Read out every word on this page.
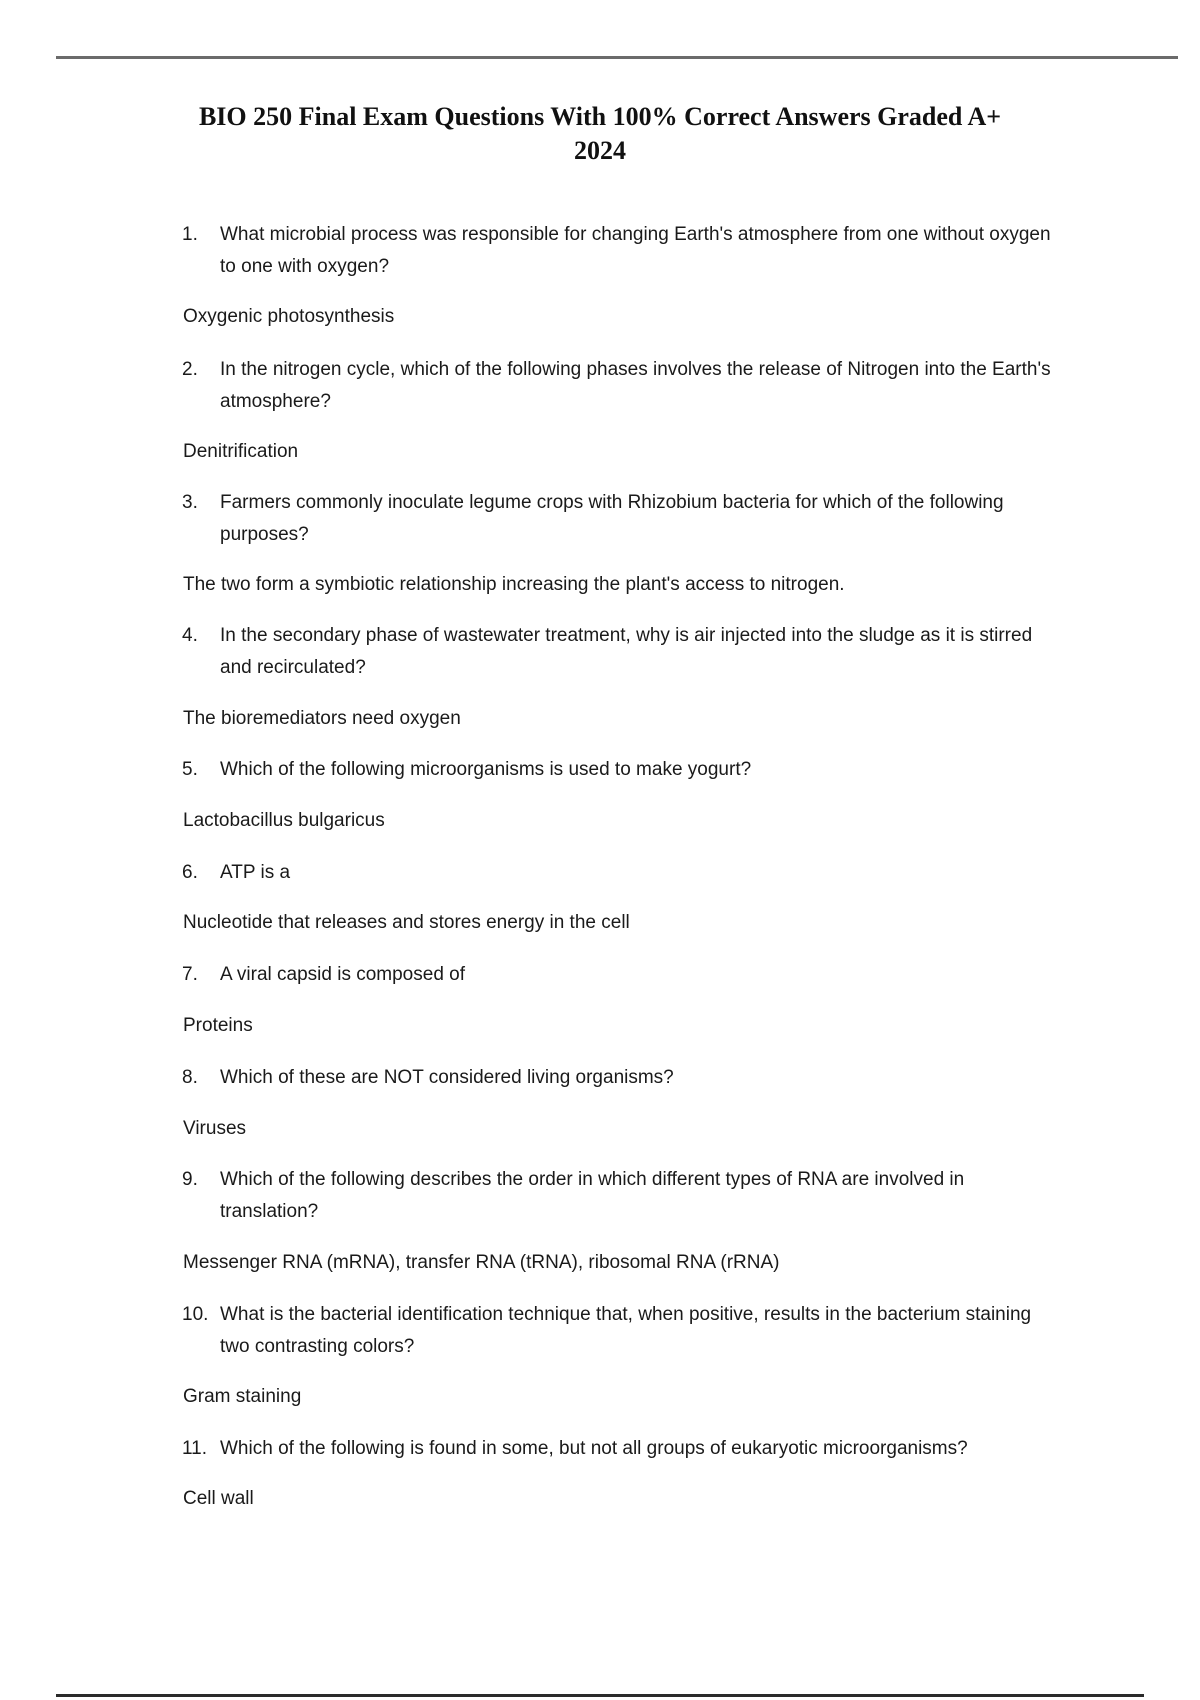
BIO 250 Final Exam Questions With 100% Correct Answers Graded A+
2024
1.	What microbial process was responsible for changing Earth's atmosphere from one without oxygen to one with oxygen?
Oxygenic photosynthesis
2.	In the nitrogen cycle, which of the following phases involves the release of Nitrogen into the Earth's atmosphere?
Denitrification
3.	Farmers commonly inoculate legume crops with Rhizobium bacteria for which of the following purposes?
The two form a symbiotic relationship increasing the plant's access to nitrogen.
4.	In the secondary phase of wastewater treatment, why is air injected into the sludge as it is stirred and recirculated?
The bioremediators need oxygen
5.	Which of the following microorganisms is used to make yogurt?
Lactobacillus bulgaricus
6.	ATP is a
Nucleotide that releases and stores energy in the cell
7.	A viral capsid is composed of
Proteins
8.	Which of these are NOT considered living organisms?
Viruses
9.	Which of the following describes the order in which different types of RNA are involved in translation?
Messenger RNA (mRNA), transfer RNA (tRNA), ribosomal RNA (rRNA)
10. What is the bacterial identification technique that, when positive, results in the bacterium staining two contrasting colors?
Gram staining
11. Which of the following is found in some, but not all groups of eukaryotic microorganisms?
Cell wall
